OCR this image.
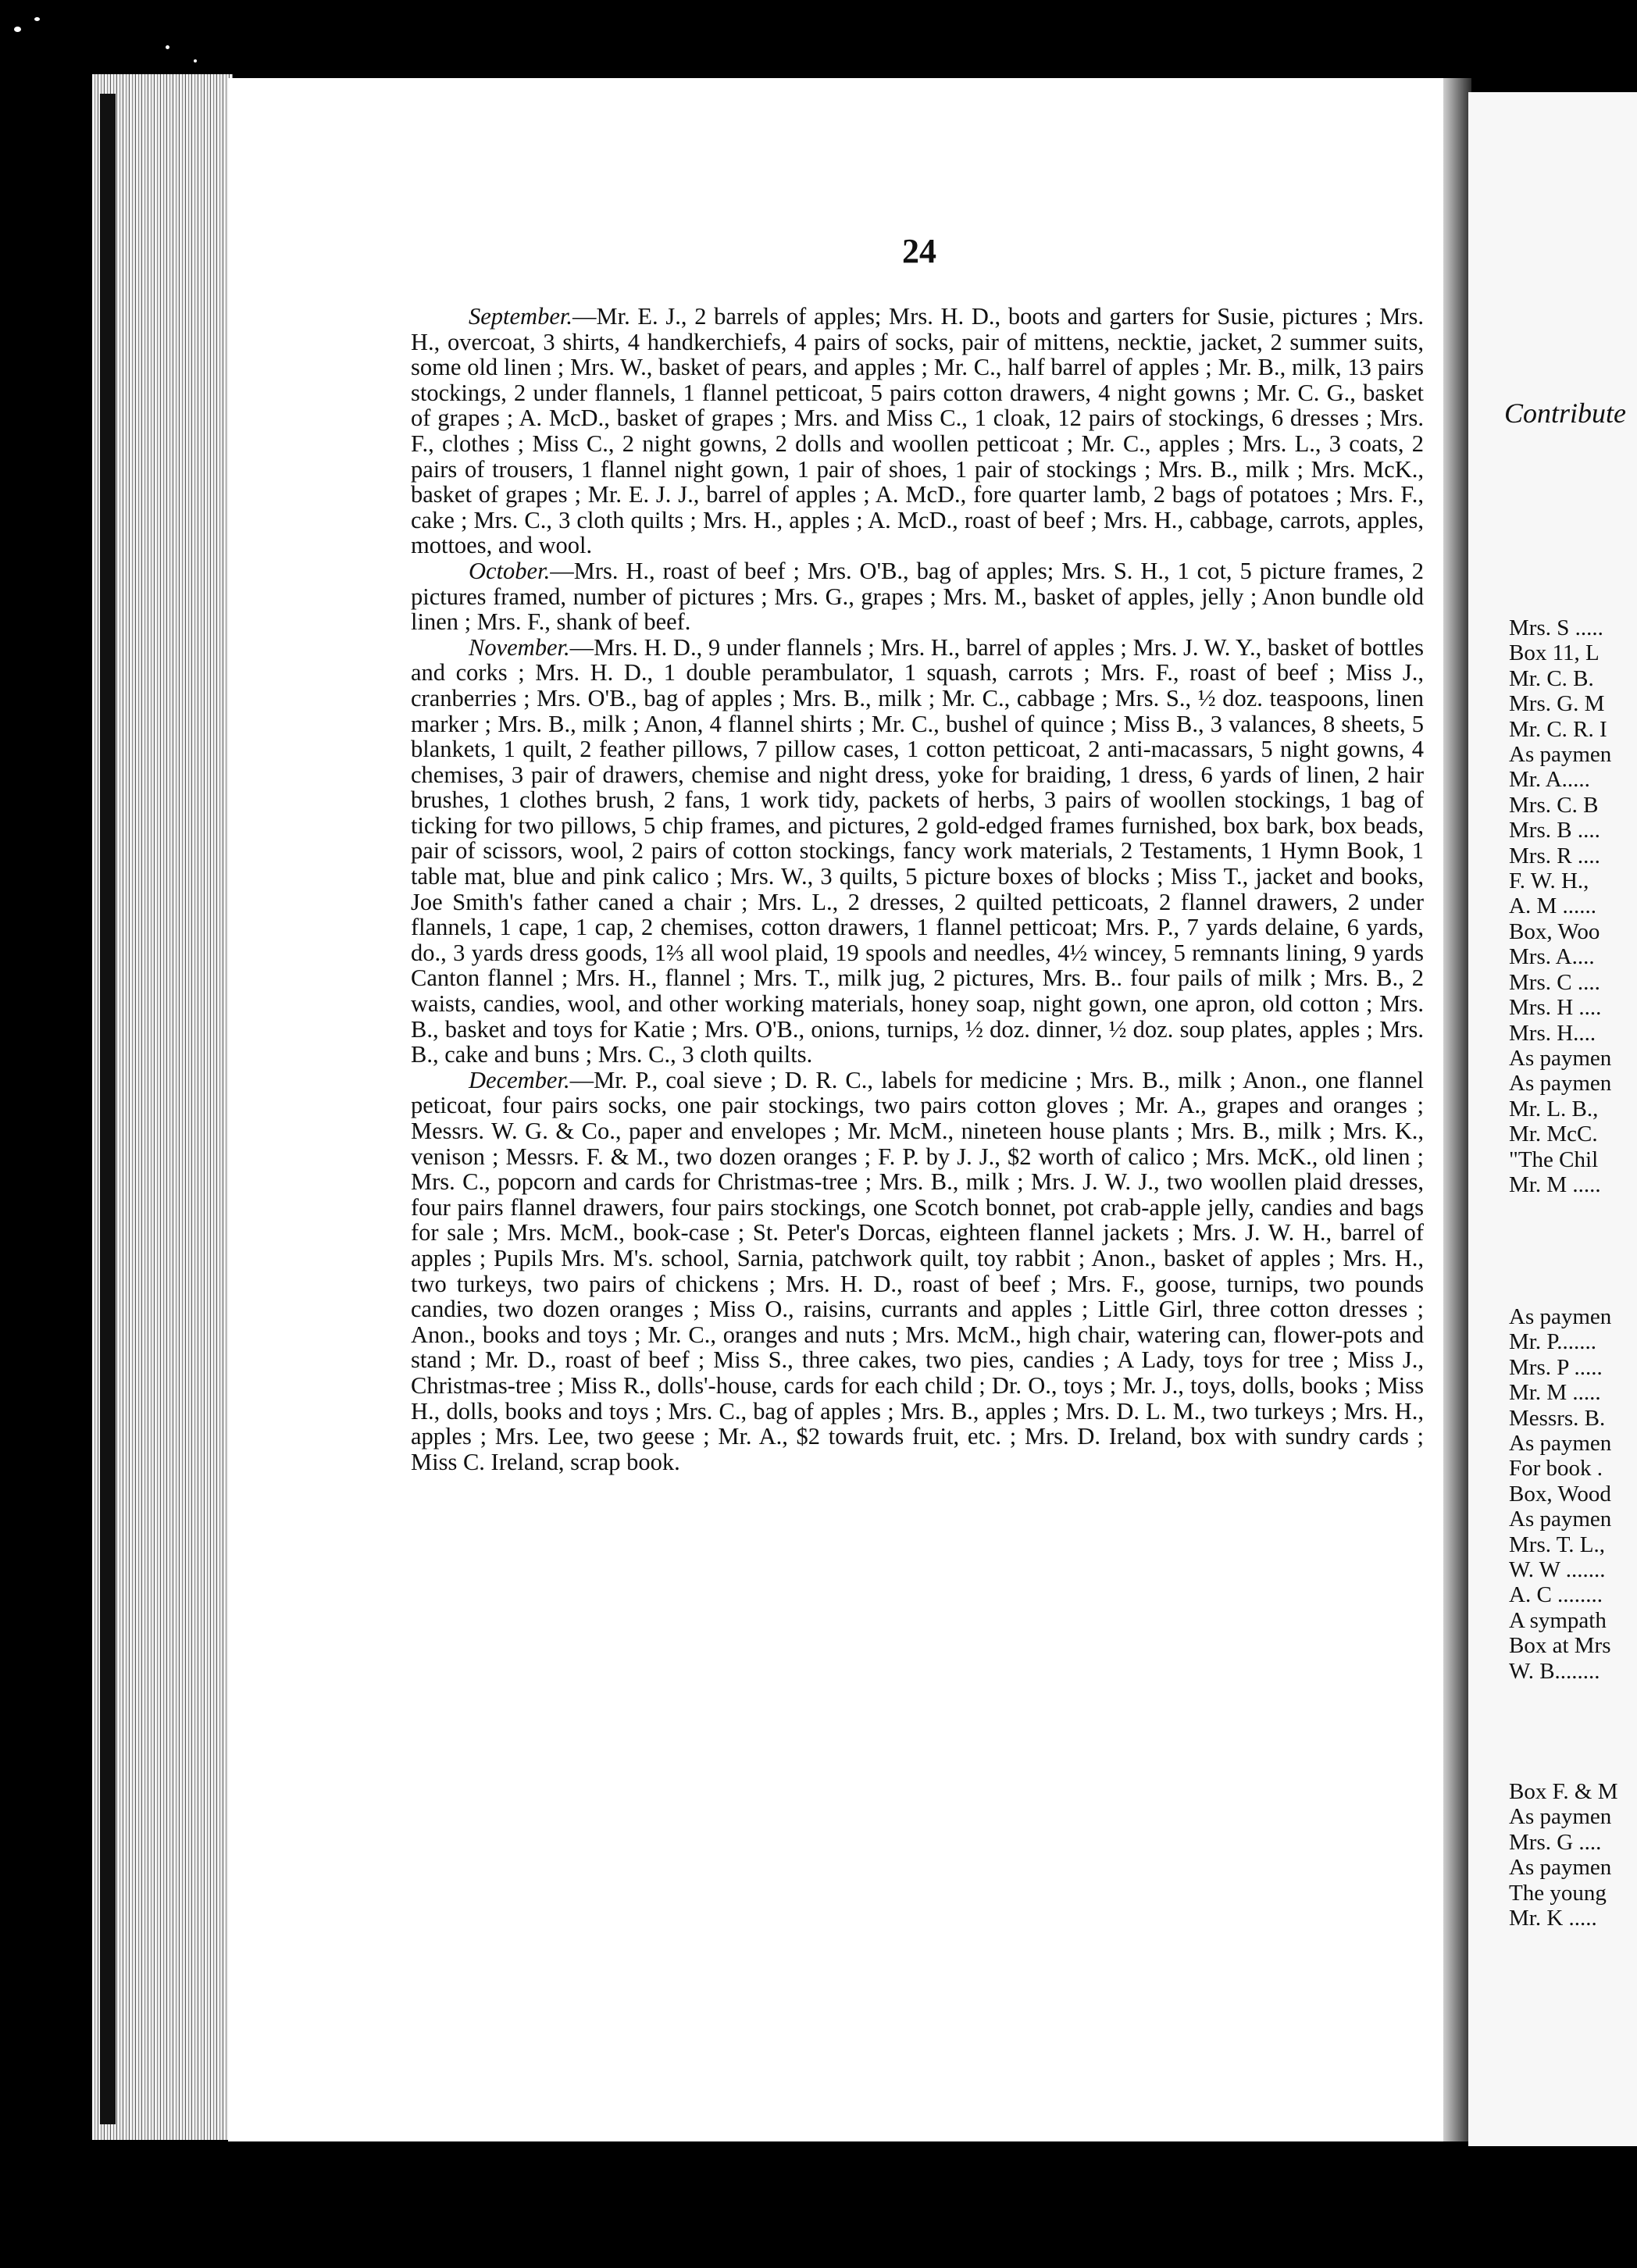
24

September.—Mr. E. J., 2 barrels of apples; Mrs. H. D., boots and garters for Susie, pictures ; Mrs. H., overcoat, 3 shirts, 4 handkerchiefs, 4 pairs of socks, pair of mittens, necktie, jacket, 2 summer suits, some old linen ; Mrs. W., basket of pears, and apples ; Mr. C., half barrel of apples ; Mr. B., milk, 13 pairs stockings, 2 under flannels, 1 flannel petticoat, 5 pairs cotton drawers, 4 night gowns ; Mr. C. G., basket of grapes ; A. McD., basket of grapes ; Mrs. and Miss C., 1 cloak, 12 pairs of stockings, 6 dresses ; Mrs. F., clothes ; Miss C., 2 night gowns, 2 dolls and woollen petticoat ; Mr. C., apples ; Mrs. L., 3 coats, 2 pairs of trousers, 1 flannel night gown, 1 pair of shoes, 1 pair of stockings ; Mrs. B., milk ; Mrs. McK., basket of grapes ; Mr. E. J. J., barrel of apples ; A. McD., fore quarter lamb, 2 bags of potatoes ; Mrs. F., cake ; Mrs. C., 3 cloth quilts ; Mrs. H., apples ; A. McD., roast of beef ; Mrs. H., cabbage, carrots, apples, mottoes, and wool.

October.—Mrs. H., roast of beef ; Mrs. O'B., bag of apples; Mrs. S. H., 1 cot, 5 picture frames, 2 pictures framed, number of pictures ; Mrs. G., grapes ; Mrs. M., basket of apples, jelly ; Anon bundle old linen ; Mrs. F., shank of beef.

November.—Mrs. H. D., 9 under flannels ; Mrs. H., barrel of apples ; Mrs. J. W. Y., basket of bottles and corks ; Mrs. H. D., 1 double perambulator, 1 squash, carrots ; Mrs. F., roast of beef ; Miss J., cranberries ; Mrs. O'B., bag of apples ; Mrs. B., milk ; Mr. C., cabbage ; Mrs. S., ½ doz. teaspoons, linen marker ; Mrs. B., milk ; Anon, 4 flannel shirts ; Mr. C., bushel of quince ; Miss B., 3 valances, 8 sheets, 5 blankets, 1 quilt, 2 feather pillows, 7 pillow cases, 1 cotton petticoat, 2 anti-macassars, 5 night gowns, 4 chemises, 3 pair of drawers, chemise and night dress, yoke for braiding, 1 dress, 6 yards of linen, 2 hair brushes, 1 clothes brush, 2 fans, 1 work tidy, packets of herbs, 3 pairs of woollen stockings, 1 bag of ticking for two pillows, 5 chip frames, and pictures, 2 gold-edged frames furnished, box bark, box beads, pair of scissors, wool, 2 pairs of cotton stockings, fancy work materials, 2 Testaments, 1 Hymn Book, 1 table mat, blue and pink calico ; Mrs. W., 3 quilts, 5 picture boxes of blocks ; Miss T., jacket and books, Joe Smith's father caned a chair ; Mrs. L., 2 dresses, 2 quilted petticoats, 2 flannel drawers, 2 under flannels, 1 cape, 1 cap, 2 chemises, cotton drawers, 1 flannel petticoat; Mrs. P., 7 yards delaine, 6 yards, do., 3 yards dress goods, 1⅔ all wool plaid, 19 spools and needles, 4½ wincey, 5 remnants lining, 9 yards Canton flannel ; Mrs. H., flannel ; Mrs. T., milk jug, 2 pictures, Mrs. B.. four pails of milk ; Mrs. B., 2 waists, candies, wool, and other working materials, honey soap, night gown, one apron, old cotton ; Mrs. B., basket and toys for Katie ; Mrs. O'B., onions, turnips, ½ doz. dinner, ½ doz. soup plates, apples ; Mrs. B., cake and buns ; Mrs. C., 3 cloth quilts.

December.—Mr. P., coal sieve ; D. R. C., labels for medicine ; Mrs. B., milk ; Anon., one flannel peticoat, four pairs socks, one pair stockings, two pairs cotton gloves ; Mr. A., grapes and oranges ; Messrs. W. G. & Co., paper and envelopes ; Mr. McM., nineteen house plants ; Mrs. B., milk ; Mrs. K., venison ; Messrs. F. & M., two dozen oranges ; F. P. by J. J., $2 worth of calico ; Mrs. McK., old linen ; Mrs. C., popcorn and cards for Christmas-tree ; Mrs. B., milk ; Mrs. J. W. J., two woollen plaid dresses, four pairs flannel drawers, four pairs stockings, one Scotch bonnet, pot crab-apple jelly, candies and bags for sale ; Mrs. McM., book-case ; St. Peter's Dorcas, eighteen flannel jackets ; Mrs. J. W. H., barrel of apples ; Pupils Mrs. M's. school, Sarnia, patchwork quilt, toy rabbit ; Anon., basket of apples ; Mrs. H., two turkeys, two pairs of chickens ; Mrs. H. D., roast of beef ; Mrs. F., goose, turnips, two pounds candies, two dozen oranges ; Miss O., raisins, currants and apples ; Little Girl, three cotton dresses ; Anon., books and toys ; Mr. C., oranges and nuts ; Mrs. McM., high chair, watering can, flower-pots and stand ; Mr. D., roast of beef ; Miss S., three cakes, two pies, candies ; A Lady, toys for tree ; Miss J., Christmas-tree ; Miss R., dolls'-house, cards for each child ; Dr. O., toys ; Mr. J., toys, dolls, books ; Miss H., dolls, books and toys ; Mrs. C., bag of apples ; Mrs. B., apples ; Mrs. D. L. M., two turkeys ; Mrs. H., apples ; Mrs. Lee, two geese ; Mr. A., $2 towards fruit, etc. ; Mrs. D. Ireland, box with sundry cards ; Miss C. Ireland, scrap book.

Contribute
Mrs. S .....
Box 11, L
Mr. C. B.
Mrs. G. M
Mr. C. R. I
As paymen
Mr. A.....
Mrs. C. B
Mrs. B ....
Mrs. R ....
F. W. H.,
A. M ......
Box, Woo
Mrs. A....
Mrs. C ....
Mrs. H ....
Mrs. H....
As paymen
As paymen
Mr. L. B.,
Mr. McC.
"The Chil
Mr. M .....
As paymen
Mr. P.......
Mrs. P .....
Mr. M .....
Messrs. B.
As paymen
For book .
Box, Wood
As paymen
Mrs. T. L.,
W. W .......
A. C ........
A sympath
Box at Mrs
W. B........
Box F. & M
As paymen
Mrs. G ....
As paymen
The young
Mr. K .....
